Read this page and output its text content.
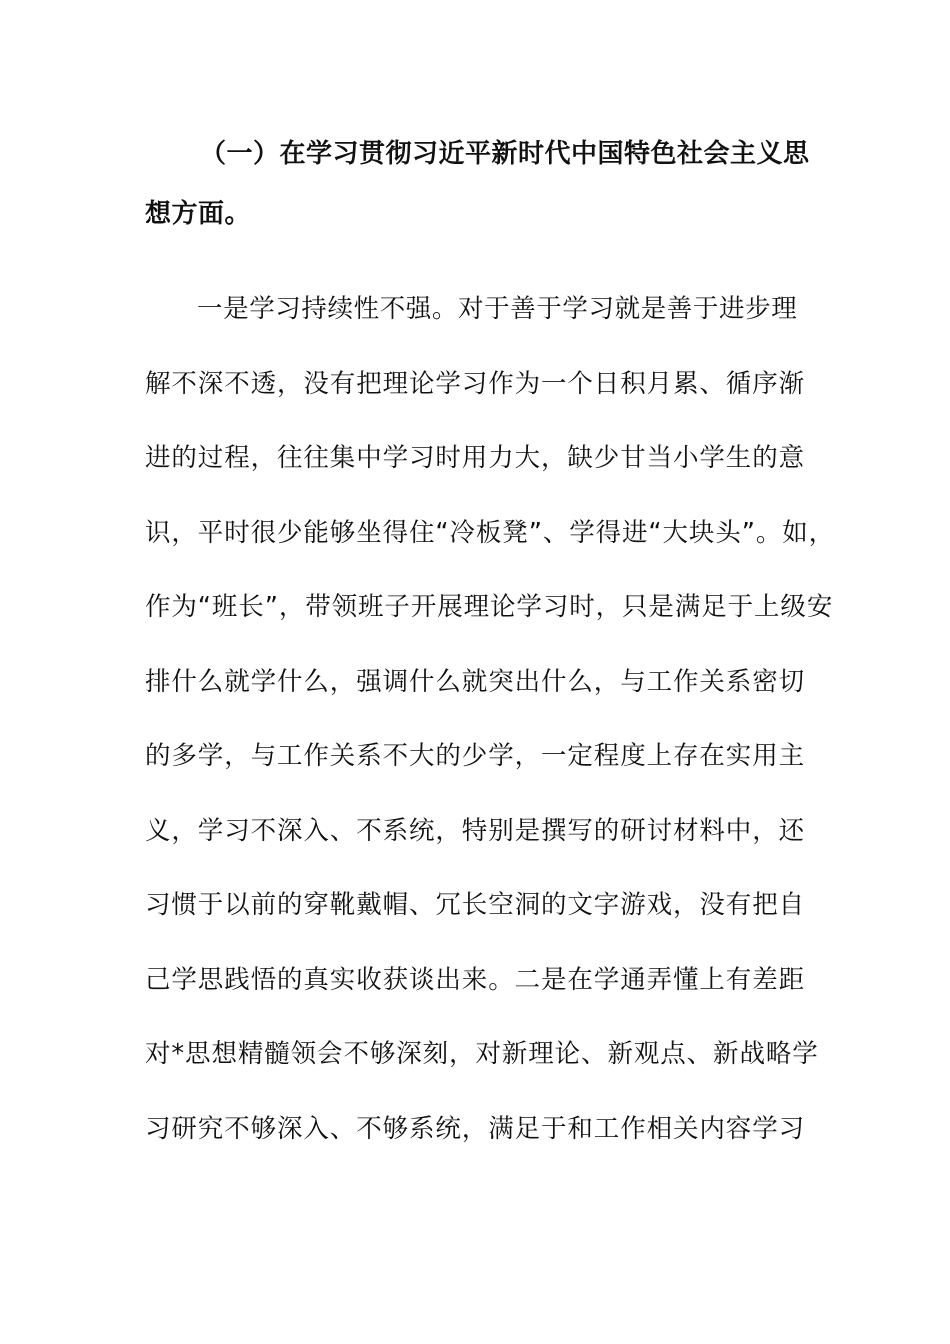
（一）在学习贯彻习近平新时代中国特色社会主义思
想方面。
一是学习持续性不强。对于善于学习就是善于进步理
解不深不透，没有把理论学习作为一个日积月累、循序渐
进的过程，往往集中学习时用力大，缺少甘当小学生的意
识，平时很少能够坐得住“冷板凳”、学得进“大块头”。如，
作为“班长”，带领班子开展理论学习时，只是满足于上级安
排什么就学什么，强调什么就突出什么，与工作关系密切
的多学，与工作关系不大的少学，一定程度上存在实用主
义，学习不深入、不系统，特别是撰写的研讨材料中，还
习惯于以前的穿靴戴帽、冗长空洞的文字游戏，没有把自
己学思践悟的真实收获谈出来。二是在学通弄懂上有差距
对*思想精髓领会不够深刻，对新理论、新观点、新战略学
习研究不够深入、不够系统，满足于和工作相关内容学习
